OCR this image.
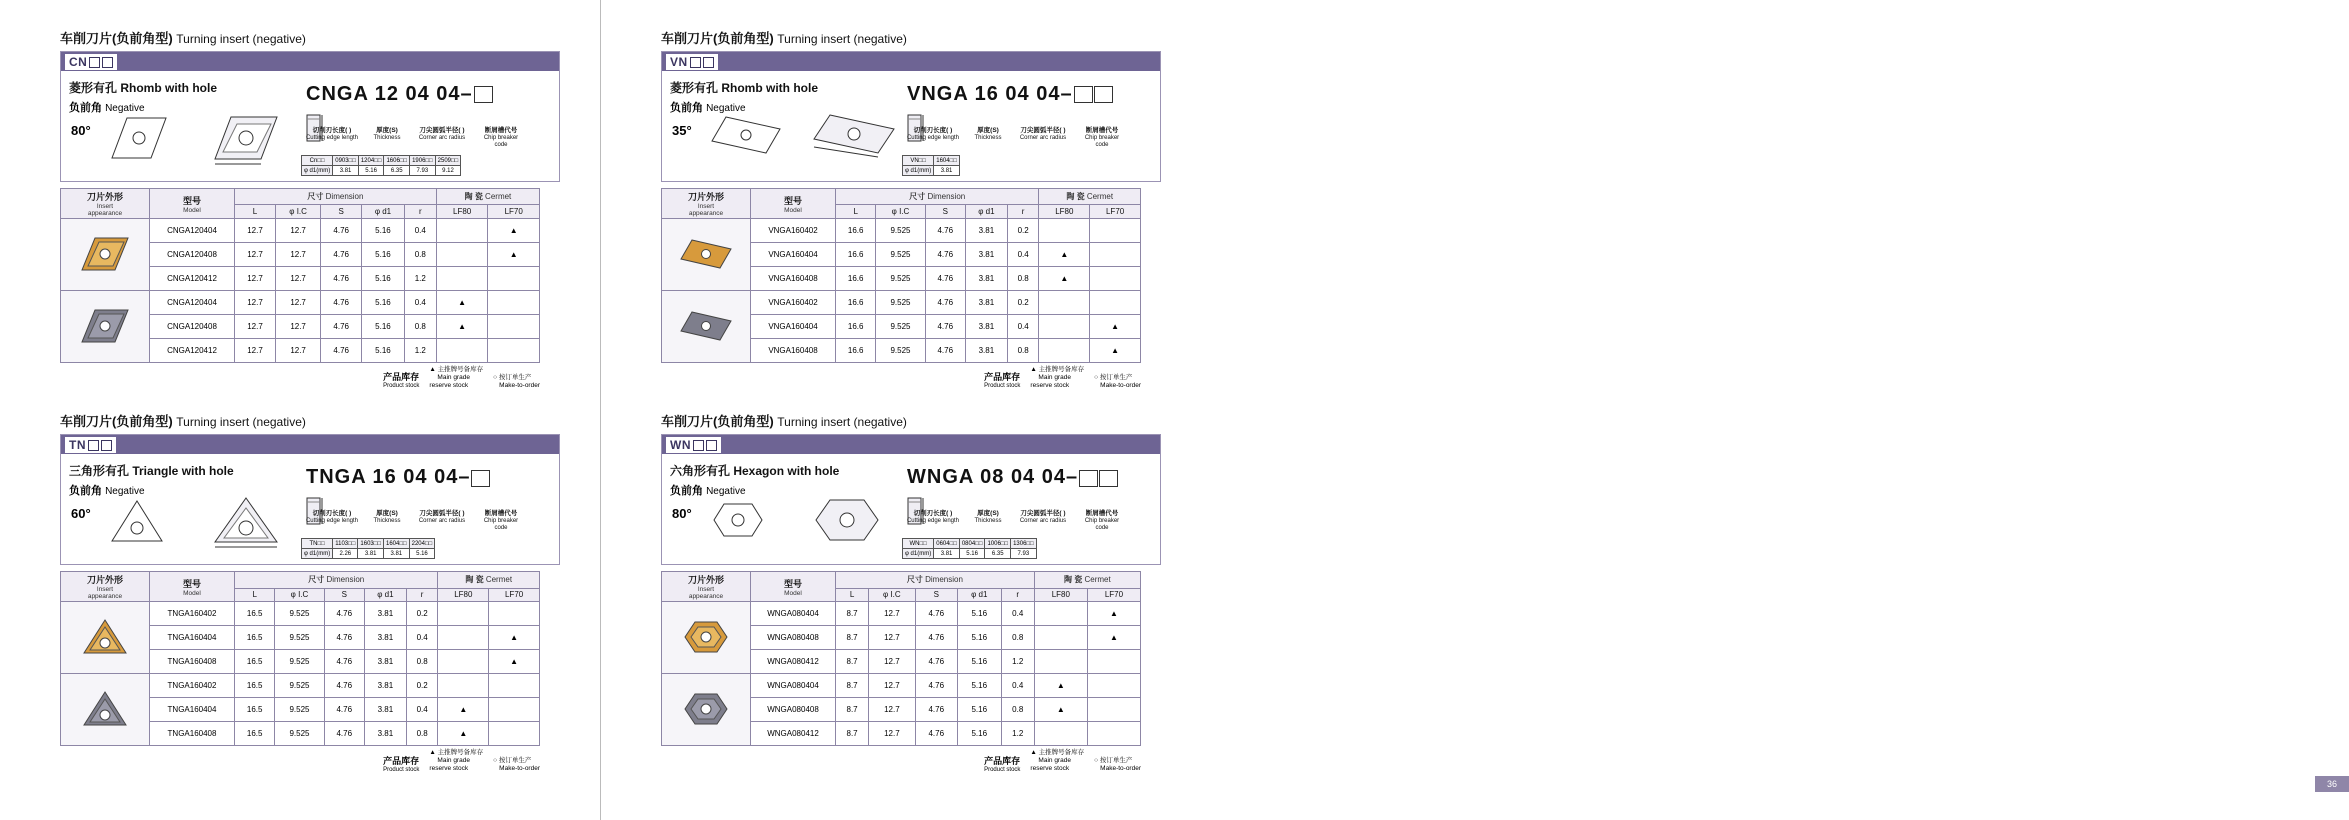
36
车削刀片(负前角型) Turning insert (negative)
CN
菱形有孔 Rhomb with hole
负前角 Negative
80°
CNGA 12 04 04–
切削刃长度( )
Cutting edge length
厚度(S)
Thickness
刀尖圆弧半径( )
Corner arc radius
断屑槽代号
Chip breaker
code
Cn□□	0903□□	1204□□	1606□□	1906□□	2509□□
φ d1(mm)	3.81	5.16	6.35	7.93	9.12
刀片外形
Insert
appearance	型号
Model	尺寸 Dimension					陶 瓷 Cermet	

		L	φ I.C	S	φ d1	r	LF80	LF70
	CNGA120404	12.7	12.7	4.76	5.16	0.4		▲
	CNGA120408	12.7	12.7	4.76	5.16	0.8		▲
	CNGA120412	12.7	12.7	4.76	5.16	1.2		
	CNGA120404	12.7	12.7	4.76	5.16	0.4	▲	
	CNGA120408	12.7	12.7	4.76	5.16	0.8	▲	
	CNGA120412	12.7	12.7	4.76	5.16	1.2		
产品库存
Product stock
▲ 主推牌号备库存
Main grade
reserve stock
○ 按订单生产
Make-to-order
车削刀片(负前角型) Turning insert (negative)
TN
三角形有孔 Triangle with hole
负前角 Negative
60°
TNGA 16 04 04–
切削刃长度( )
Cutting edge length
厚度(S)
Thickness
刀尖圆弧半径( )
Corner arc radius
断屑槽代号
Chip breaker
code
TN□□	1103□□	1603□□	1604□□	2204□□
φ d1(mm)	2.26	3.81	3.81	5.16
刀片外形
Insert
appearance	型号
Model	尺寸 Dimension					陶 瓷 Cermet	

		L	φ I.C	S	φ d1	r	LF80	LF70
	TNGA160402	16.5	9.525	4.76	3.81	0.2		
	TNGA160404	16.5	9.525	4.76	3.81	0.4		▲
	TNGA160408	16.5	9.525	4.76	3.81	0.8		▲
	TNGA160402	16.5	9.525	4.76	3.81	0.2		
	TNGA160404	16.5	9.525	4.76	3.81	0.4	▲	
	TNGA160408	16.5	9.525	4.76	3.81	0.8	▲	
产品库存
Product stock
▲ 主推牌号备库存
Main grade
reserve stock
○ 按订单生产
Make-to-order
车削刀片(负前角型) Turning insert (negative)
VN
菱形有孔 Rhomb with hole
负前角 Negative
35°
VNGA 16 04 04–
切削刃长度( )
Cutting edge length
厚度(S)
Thickness
刀尖圆弧半径( )
Corner arc radius
断屑槽代号
Chip breaker
code
VN□□	1604□□
φ d1(mm)	3.81
刀片外形
Insert
appearance	型号
Model	尺寸 Dimension					陶 瓷 Cermet	

		L	φ I.C	S	φ d1	r	LF80	LF70
	VNGA160402	16.6	9.525	4.76	3.81	0.2		
	VNGA160404	16.6	9.525	4.76	3.81	0.4	▲	
	VNGA160408	16.6	9.525	4.76	3.81	0.8	▲	
	VNGA160402	16.6	9.525	4.76	3.81	0.2		
	VNGA160404	16.6	9.525	4.76	3.81	0.4		▲
	VNGA160408	16.6	9.525	4.76	3.81	0.8		▲
产品库存
Product stock
▲ 主推牌号备库存
Main grade
reserve stock
○ 按订单生产
Make-to-order
车削刀片(负前角型) Turning insert (negative)
WN
六角形有孔 Hexagon with hole
负前角 Negative
80°
WNGA 08 04 04–
切削刃长度( )
Cutting edge length
厚度(S)
Thickness
刀尖圆弧半径( )
Corner arc radius
断屑槽代号
Chip breaker
code
WN□□	0604□□	0804□□	1006□□	1306□□
φ d1(mm)	3.81	5.16	6.35	7.93
刀片外形
Insert
appearance	型号
Model	尺寸 Dimension					陶 瓷 Cermet	

		L	φ I.C	S	φ d1	r	LF80	LF70
	WNGA080404	8.7	12.7	4.76	5.16	0.4		▲
	WNGA080408	8.7	12.7	4.76	5.16	0.8		▲
	WNGA080412	8.7	12.7	4.76	5.16	1.2		
	WNGA080404	8.7	12.7	4.76	5.16	0.4	▲	
	WNGA080408	8.7	12.7	4.76	5.16	0.8	▲	
	WNGA080412	8.7	12.7	4.76	5.16	1.2		
产品库存
Product stock
▲ 主推牌号备库存
Main grade
reserve stock
○ 按订单生产
Make-to-order
